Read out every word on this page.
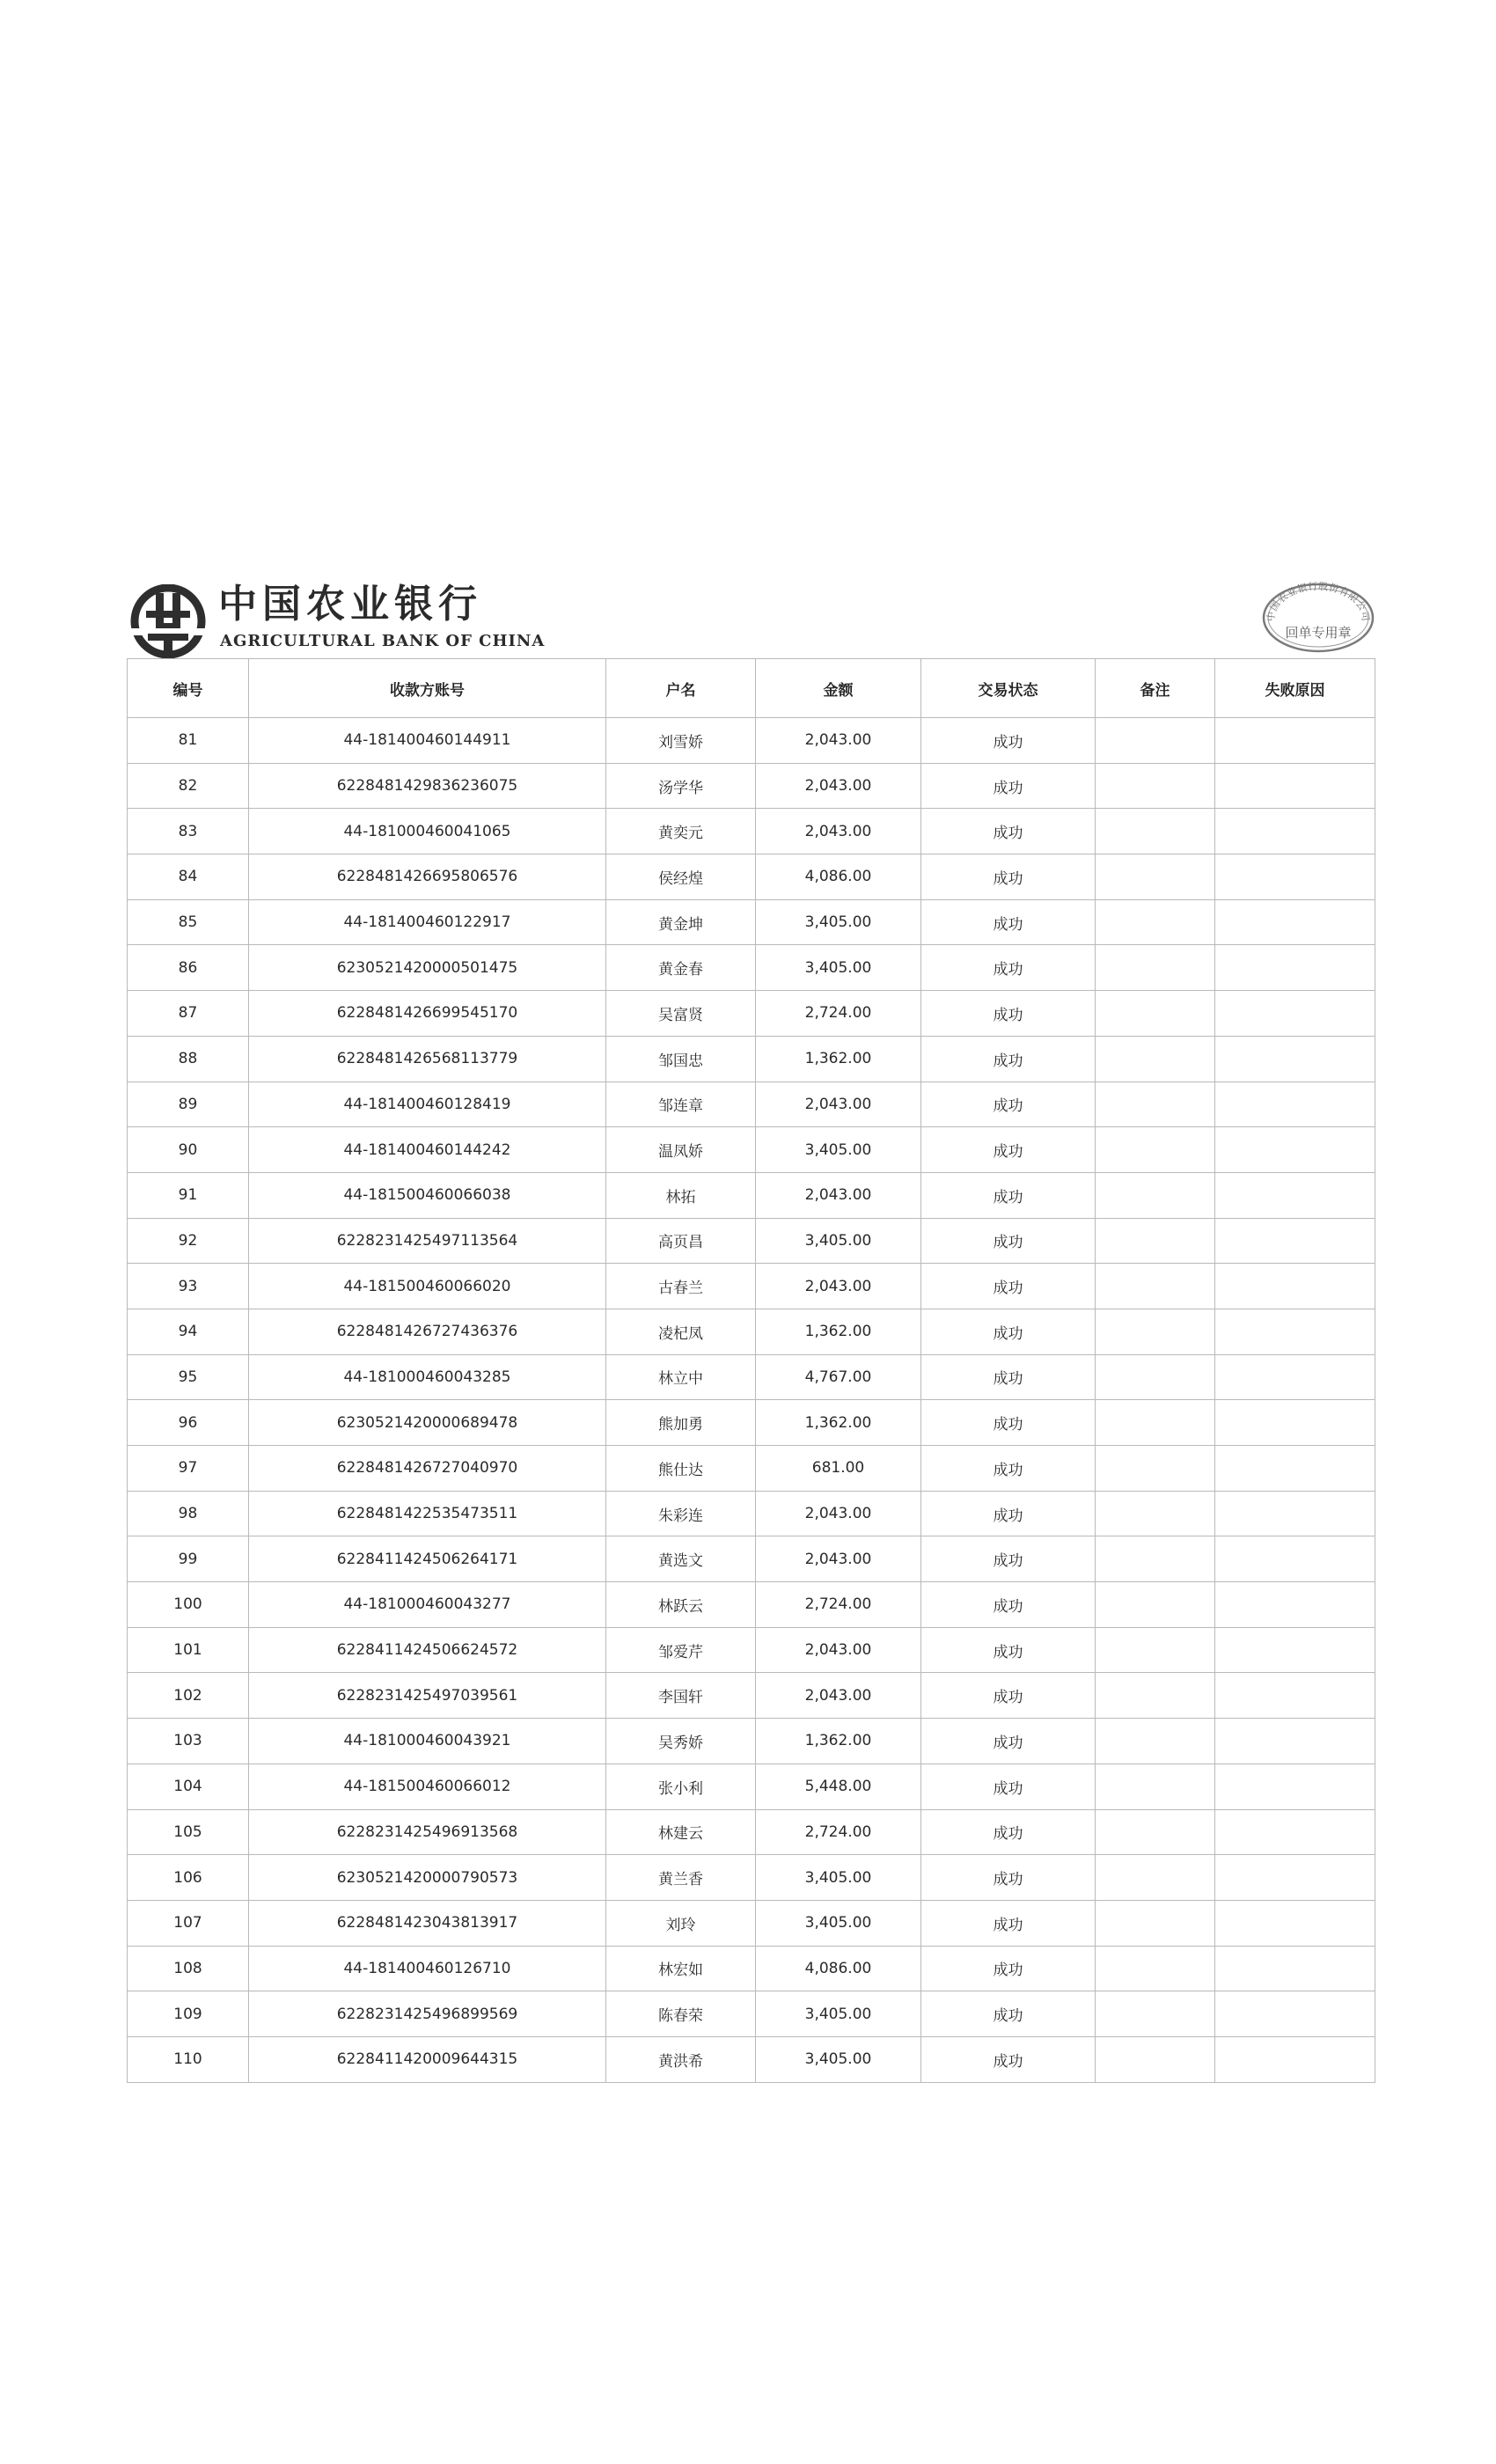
中国农业银行
AGRICULTURAL BANK OF CHINA
中国农业银行股份有限公司
回单专用章
编号	收款方账号	户名	金额	交易状态	备注	失败原因
81	44-181400460144911	刘雪娇	2,043.00	成功		
82	6228481429836236075	汤学华	2,043.00	成功		
83	44-181000460041065	黄奕元	2,043.00	成功		
84	6228481426695806576	侯经煌	4,086.00	成功		
85	44-181400460122917	黄金坤	3,405.00	成功		
86	6230521420000501475	黄金春	3,405.00	成功		
87	6228481426699545170	吴富贤	2,724.00	成功		
88	6228481426568113779	邹国忠	1,362.00	成功		
89	44-181400460128419	邹连章	2,043.00	成功		
90	44-181400460144242	温凤娇	3,405.00	成功		
91	44-181500460066038	林拓	2,043.00	成功		
92	6228231425497113564	高页昌	3,405.00	成功		
93	44-181500460066020	古春兰	2,043.00	成功		
94	6228481426727436376	凌杞凤	1,362.00	成功		
95	44-181000460043285	林立中	4,767.00	成功		
96	6230521420000689478	熊加勇	1,362.00	成功		
97	6228481426727040970	熊仕达	681.00	成功		
98	6228481422535473511	朱彩连	2,043.00	成功		
99	6228411424506264171	黄选文	2,043.00	成功		
100	44-181000460043277	林跃云	2,724.00	成功		
101	6228411424506624572	邹爱芹	2,043.00	成功		
102	6228231425497039561	李国轩	2,043.00	成功		
103	44-181000460043921	吴秀娇	1,362.00	成功		
104	44-181500460066012	张小利	5,448.00	成功		
105	6228231425496913568	林建云	2,724.00	成功		
106	6230521420000790573	黄兰香	3,405.00	成功		
107	6228481423043813917	刘玲	3,405.00	成功		
108	44-181400460126710	林宏如	4,086.00	成功		
109	6228231425496899569	陈春荣	3,405.00	成功		
110	6228411420009644315	黄洪希	3,405.00	成功		
